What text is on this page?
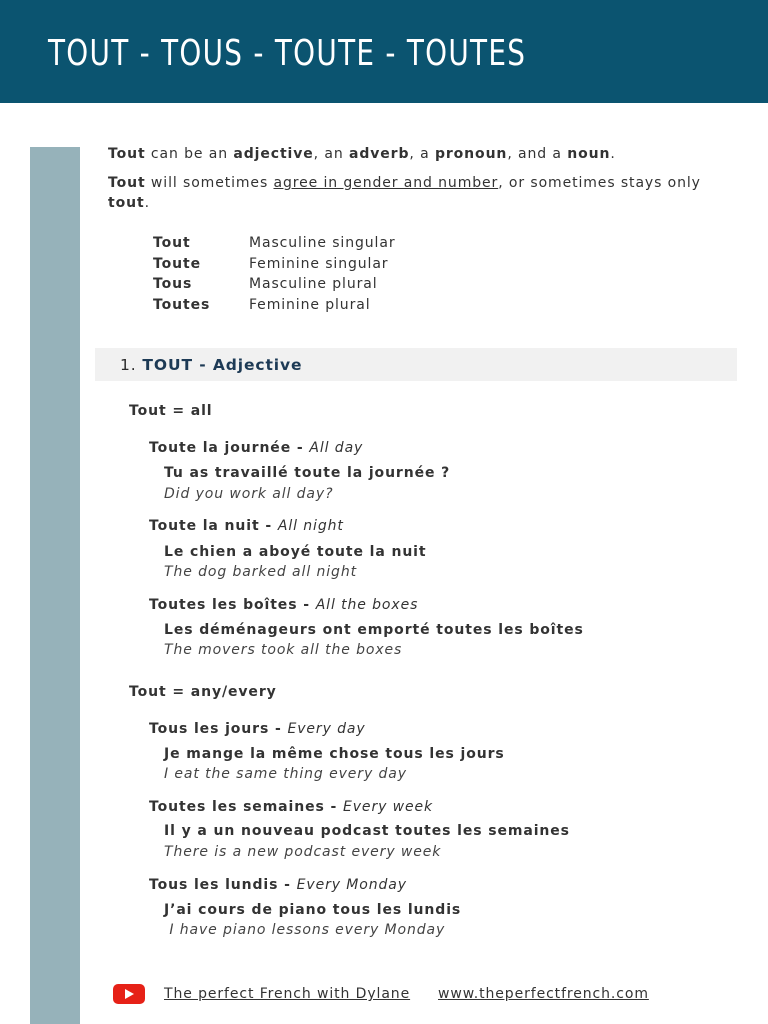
TOUT - TOUS - TOUTE - TOUTES
Tout can be an adjective, an adverb, a pronoun, and a noun.
Tout will sometimes agree in gender and number, or sometimes stays only
tout.
Tout	Masculine singular
Toute	Feminine singular
Tous	Masculine plural
Toutes	Feminine plural
1. TOUT - Adjective
Tout = all
Toute la journée - All day
Tu as travaillé toute la journée ?
Did you work all day?
Toute la nuit - All night
Le chien a aboyé toute la nuit
The dog barked all night
Toutes les boîtes - All the boxes
Les déménageurs ont emporté toutes les boîtes
The movers took all the boxes
Tout = any/every
Tous les jours - Every day
Je mange la même chose tous les jours
I eat the same thing every day
Toutes les semaines - Every week
Il y a un nouveau podcast toutes les semaines
There is a new podcast every week
Tous les lundis - Every Monday
J’ai cours de piano tous les lundis
I have piano lessons every Monday
The perfect French with Dylane www.theperfectfrench.com
